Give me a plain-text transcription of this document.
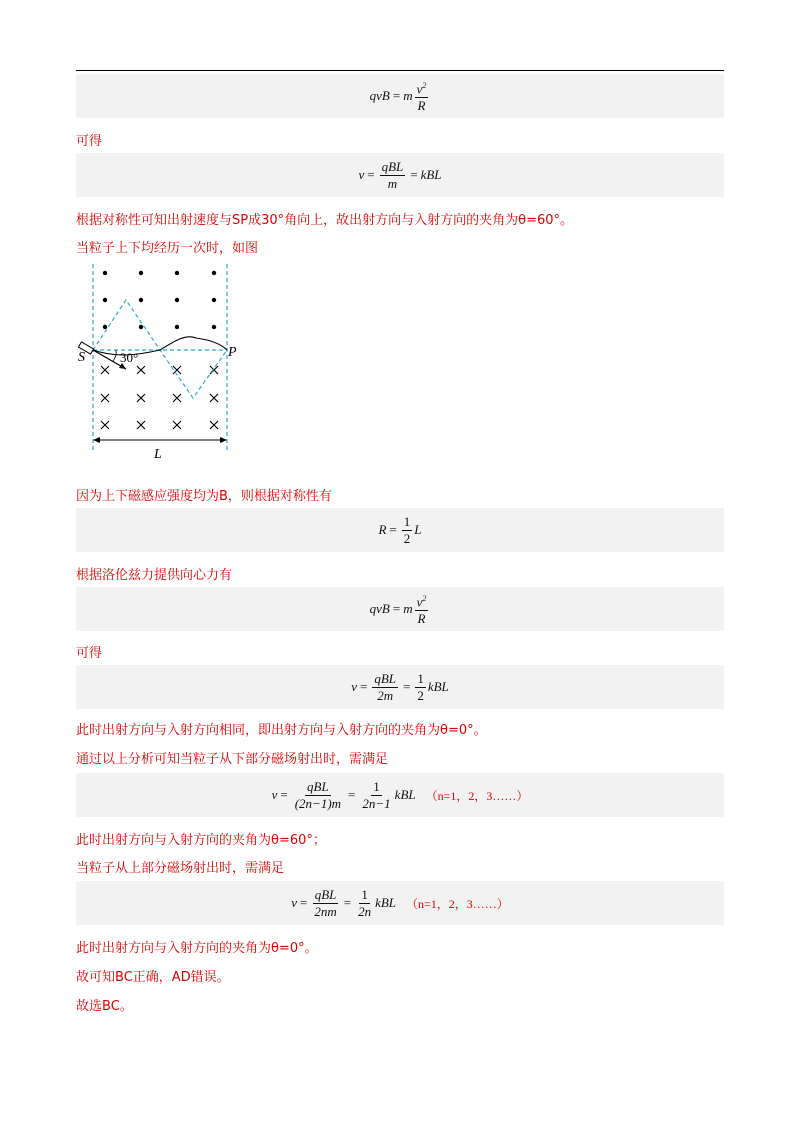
qvB = m $\frac{v^2}{R}$
可得
$v = \frac{\text{qBL}}{m}$ = kBL
根据对称性可知出射速度与SP成30°角向上，故出射方向与入射方向的夹角为θ=60°。
当粒子上下均经历一次时，如图
S	P
30°
L
因为上下磁感应强度均为B，则根据对称性有
$R = \frac{1}{2}$ L
根据洛伦兹力提供向心力有
qvB = m $\frac{v^2}{R}$
可得
$v = \frac{\text{qBL}}{2m} = \frac{1}{2}$ kBL
此时出射方向与入射方向相同，即出射方向与入射方向的夹角为θ=0°。
通过以上分析可知当粒子从下部分磁场射出时，需满足
$v = \frac{\text{qBL}}{(2n-1)m} = \frac{1}{2n-1}$ kBL （n=1，2，3……）
此时出射方向与入射方向的夹角为θ=60°；
当粒子从上部分磁场射出时，需满足
$v = \frac{\text{qBL}}{2nm} = \frac{1}{2n}$ kBL （n=1，2，3……）
此时出射方向与入射方向的夹角为θ=0°。
故可知BC正确，AD错误。
故选BC。
